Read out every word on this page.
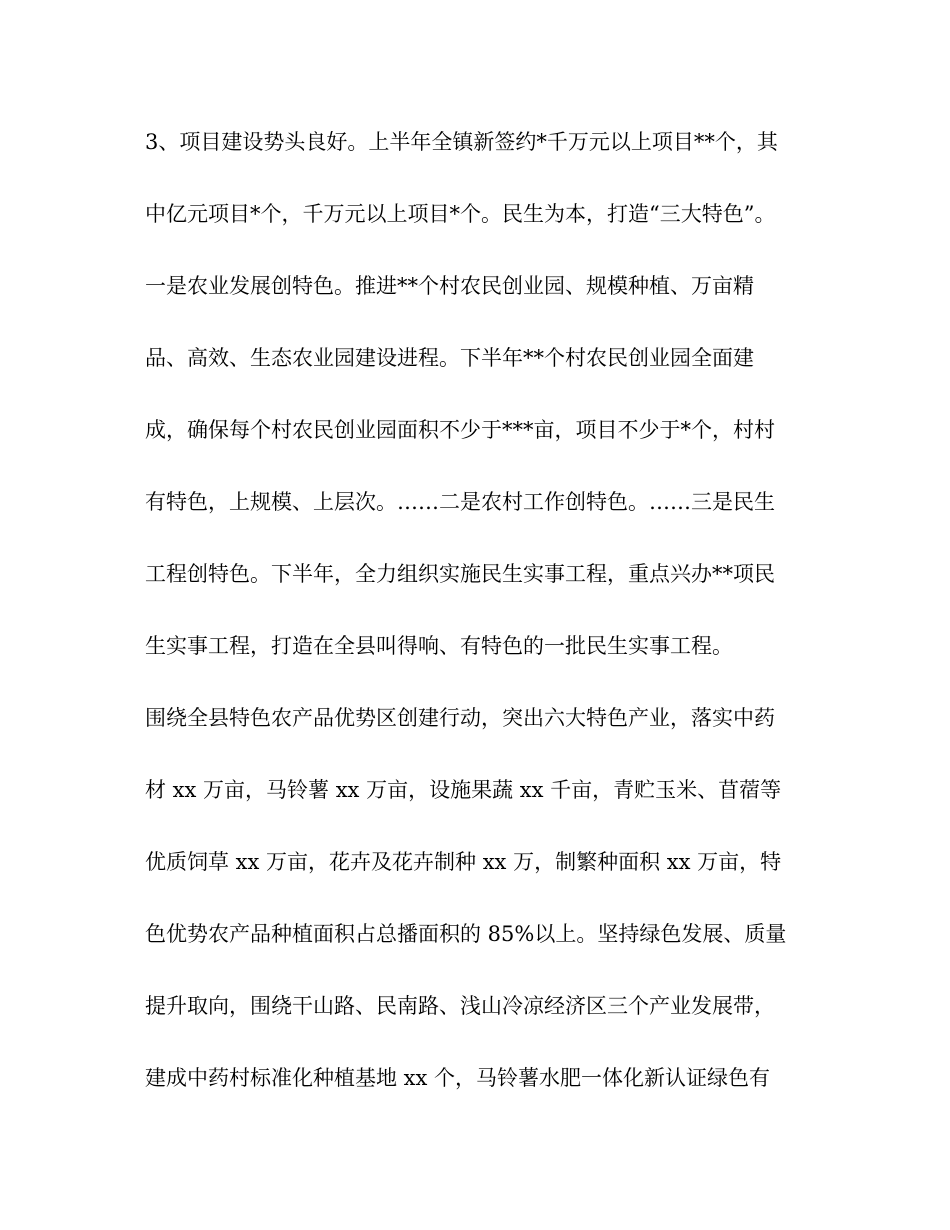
3、项目建设势头良好。上半年全镇新签约*千万元以上项目**个，其
中亿元项目*个，千万元以上项目*个。民生为本，打造“三大特色”。
一是农业发展创特色。推进**个村农民创业园、规模种植、万亩精
品、高效、生态农业园建设进程。下半年**个村农民创业园全面建
成，确保每个村农民创业园面积不少于***亩，项目不少于*个，村村
有特色，上规模、上层次。……二是农村工作创特色。……三是民生
工程创特色。下半年，全力组织实施民生实事工程，重点兴办**项民
生实事工程，打造在全县叫得响、有特色的一批民生实事工程。
围绕全县特色农产品优势区创建行动，突出六大特色产业，落实中药
材 xx 万亩，马铃薯 xx 万亩，设施果蔬 xx 千亩，青贮玉米、苜蓿等
优质饲草 xx 万亩，花卉及花卉制种 xx 万，制繁种面积 xx 万亩，特
色优势农产品种植面积占总播面积的 85%以上。坚持绿色发展、质量
提升取向，围绕干山路、民南路、浅山冷凉经济区三个产业发展带，
建成中药村标准化种植基地 xx 个，马铃薯水肥一体化新认证绿色有
